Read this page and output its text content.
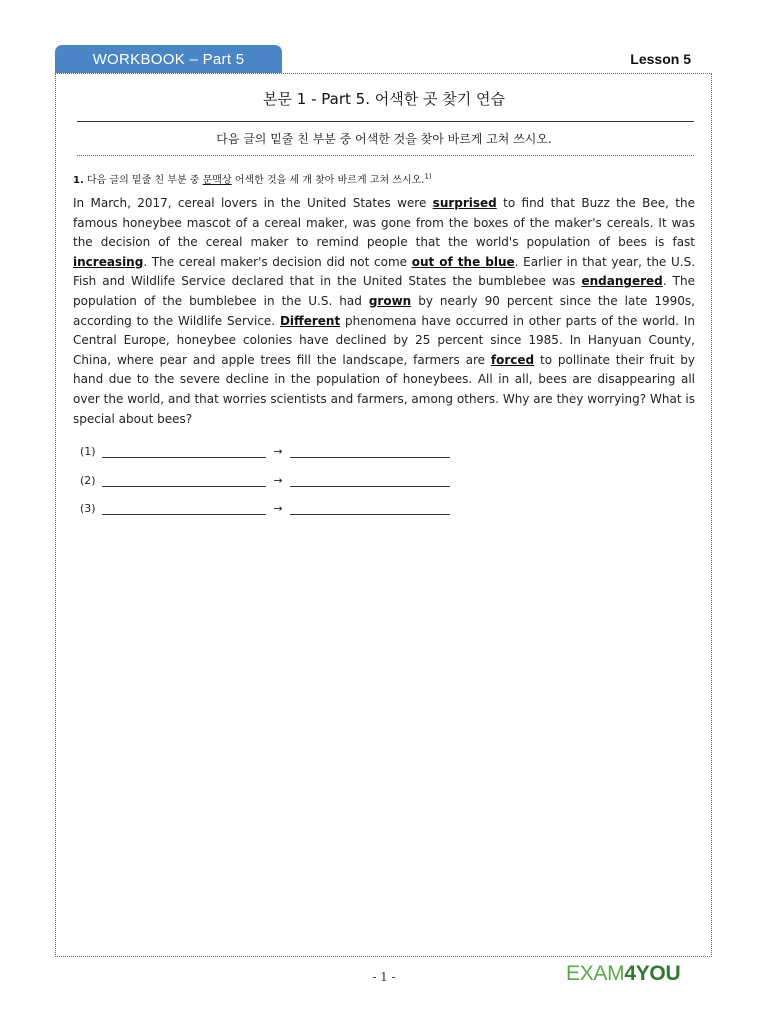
WORKBOOK – Part 5	Lesson 5
본문 1 - Part 5. 어색한 곳 찾기 연습
다음 글의 밑줄 친 부분 중 어색한 것을 찾아 바르게 고쳐 쓰시오.
1. 다음 글의 밑줄 친 부분 중 문맥상 어색한 것을 세 개 찾아 바르게 고쳐 쓰시오.$^{1)}$
In March, 2017, cereal lovers in the United States were surprised to find that Buzz the Bee, the famous honeybee mascot of a cereal maker, was gone from the boxes of the maker's cereals. It was the decision of the cereal maker to remind people that the world's population of bees is fast increasing. The cereal maker's decision did not come out of the blue. Earlier in that year, the U.S. Fish and Wildlife Service declared that in the United States the bumblebee was endangered. The population of the bumblebee in the U.S. had grown by nearly 90 percent since the late 1990s, according to the Wildlife Service. Different phenomena have occurred in other parts of the world. In Central Europe, honeybee colonies have declined by 25 percent since 1985. In Hanyuan County, China, where pear and apple trees fill the landscape, farmers are forced to pollinate their fruit by hand due to the severe decline in the population of honeybees. All in all, bees are disappearing all over the world, and that worries scientists and farmers, among others. Why are they worrying? What is special about bees?
(1)	→
(2)	→
(3)	→
- 1 -	EXAM4YOU
